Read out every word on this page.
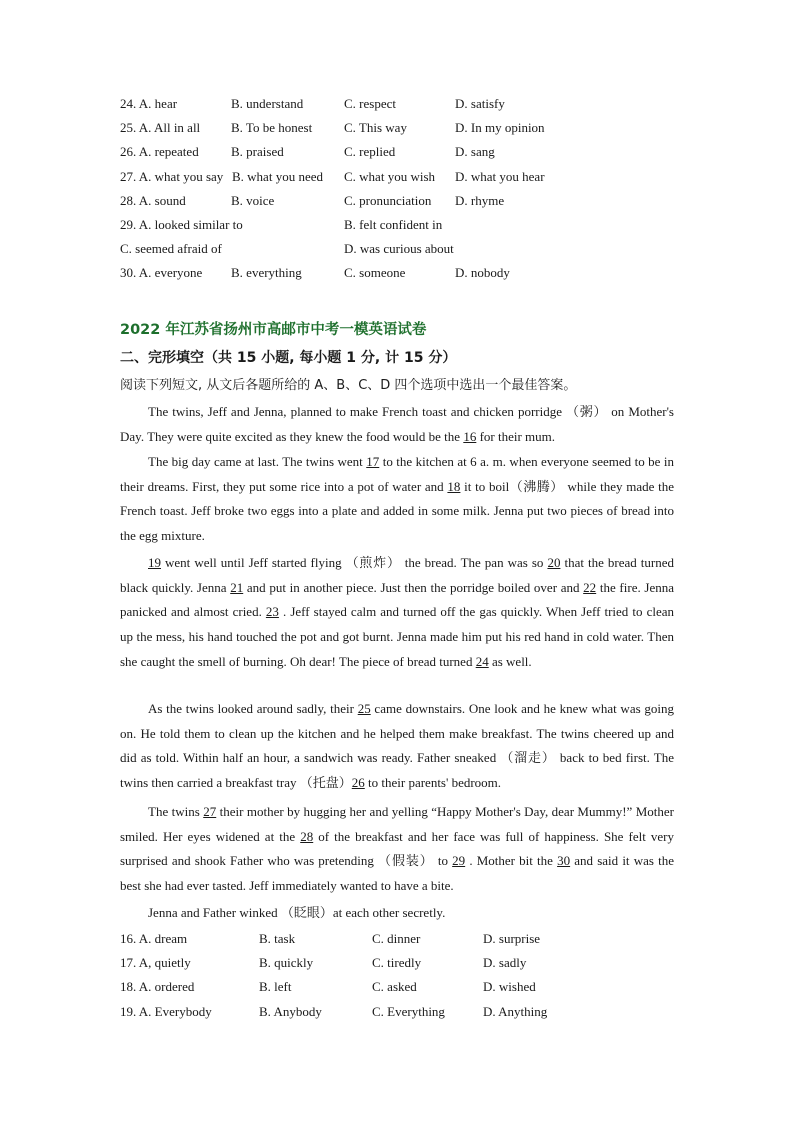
24. A. hear	B. understand	C. respect	D. satisfy
25. A. All in all B. To be honest C. This way	D. In my opinion
26. A. repeated B. praised	C. replied	D. sang
27. A. what you say B. what you need C. what you wish D. what you hear
28. A. sound	B. voice	C. pronunciation D. rhyme
29. A. looked similar to	B. felt confident in
C. seemed afraid of	D. was curious about
30. A. everyone B. everything	C. someone	D. nobody
2022 年江苏省扬州市高邮市中考一模英语试卷
二、完形填空（共 15 小题, 每小题 1 分, 计 15 分）
阅读下列短文, 从文后各题所给的 A、B、C、D 四个选项中选出一个最佳答案。

The twins, Jeff and Jenna, planned to make French toast and chicken porridge （粥） on Mother's Day. They were quite excited as they knew the food would be the 16 for their mum.

The big day came at last. The twins went 17 to the kitchen at 6 a. m. when everyone seemed to be in their dreams. First, they put some rice into a pot of water and 18 it to boil（沸腾） while they made the French toast. Jeff broke two eggs into a plate and added in some milk. Jenna put two pieces of bread into the egg mixture.

19 went well until Jeff started flying （煎炸） the bread. The pan was so 20 that the bread turned black quickly. Jenna 21 and put in another piece. Just then the porridge boiled over and 22 the fire. Jenna panicked and almost cried. 23 . Jeff stayed calm and turned off the gas quickly. When Jeff tried to clean up the mess, his hand touched the pot and got burnt. Jenna made him put his red hand in cold water. Then she caught the smell of burning. Oh dear! The piece of bread turned 24 as well.

As the twins looked around sadly, their 25 came downstairs. One look and he knew what was going on. He told them to clean up the kitchen and he helped them make breakfast. The twins cheered up and did as told. Within half an hour, a sandwich was ready. Father sneaked （溜走） back to bed first. The twins then carried a breakfast tray （托盘）26 to their parents' bedroom.

The twins 27 their mother by hugging her and yelling “Happy Mother's Day, dear Mummy!” Mother smiled. Her eyes widened at the 28 of the breakfast and her face was full of happiness. She felt very surprised and shook Father who was pretending （假装） to 29 . Mother bit the 30 and said it was the best she had ever tasted. Jeff immediately wanted to have a bite.

Jenna and Father winked （眨眼）at each other secretly.

16. A. dream	B. task	C. dinner	D. surprise
17. A, quietly	B. quickly	C. tiredly	D. sadly
18. A. ordered	B. left	C. asked	D. wished
19. A. Everybody	B. Anybody	C. Everything	D. Anything
